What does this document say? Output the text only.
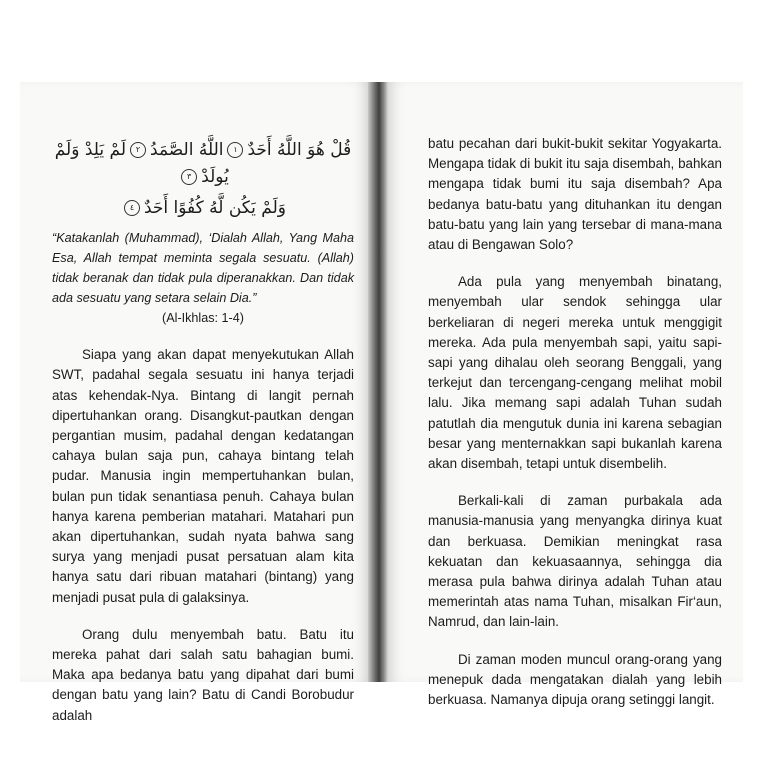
قُلْ هُوَ اللَّهُ أَحَدٌ١اللَّهُ الصَّمَدُ٢لَمْ يَلِدْ وَلَمْ يُولَدْ٣
وَلَمْ يَكُن لَّهُ كُفُوًا أَحَدٌ٤

“Katakanlah (Muhammad), ‘Dialah Allah, Yang Maha Esa, Allah tempat meminta segala sesuatu. (Allah) tidak beranak dan tidak pula diperanakkan. Dan tidak ada sesuatu yang setara selain Dia.”

(Al-Ikhlas: 1-4)

Siapa yang akan dapat menyekutukan Allah SWT, padahal segala sesuatu ini hanya terjadi atas kehendak-Nya. Bintang di langit pernah dipertuhankan orang. Disangkut-pautkan dengan pergantian musim, padahal dengan kedatangan cahaya bulan saja pun, cahaya bintang telah pudar. Manusia ingin mempertuhankan bulan, bulan pun tidak senantiasa penuh. Cahaya bulan hanya karena pemberian matahari. Matahari pun akan dipertuhankan, sudah nyata bahwa sang surya yang menjadi pusat persatuan alam kita hanya satu dari ribuan matahari (bintang) yang menjadi pusat pula di galaksinya.

Orang dulu menyembah batu. Batu itu mereka pahat dari salah satu bahagian bumi. Maka apa bedanya batu yang dipahat dari bumi dengan batu yang lain? Batu di Candi Borobudur adalah

batu pecahan dari bukit-bukit sekitar Yogyakarta. Mengapa tidak di bukit itu saja disembah, bahkan mengapa tidak bumi itu saja disembah? Apa bedanya batu-batu yang dituhankan itu dengan batu-batu yang lain yang tersebar di mana-mana atau di Bengawan Solo?

Ada pula yang menyembah binatang, menyembah ular sendok sehingga ular berkeliaran di negeri mereka untuk menggigit mereka. Ada pula menyembah sapi, yaitu sapi-sapi yang dihalau oleh seorang Benggali, yang terkejut dan tercengang-cengang melihat mobil lalu. Jika memang sapi adalah Tuhan sudah patutlah dia mengutuk dunia ini karena sebagian besar yang menternakkan sapi bukanlah karena akan disembah, tetapi untuk disembelih.

Berkali-kali di zaman purbakala ada manusia-manusia yang menyangka dirinya kuat dan berkuasa. Demikian meningkat rasa kekuatan dan kekuasaannya, sehingga dia merasa pula bahwa dirinya adalah Tuhan atau memerintah atas nama Tuhan, misalkan Fir‘aun, Namrud, dan lain-lain.

Di zaman moden muncul orang-orang yang menepuk dada mengatakan dialah yang lebih berkuasa. Namanya dipuja orang setinggi langit.
